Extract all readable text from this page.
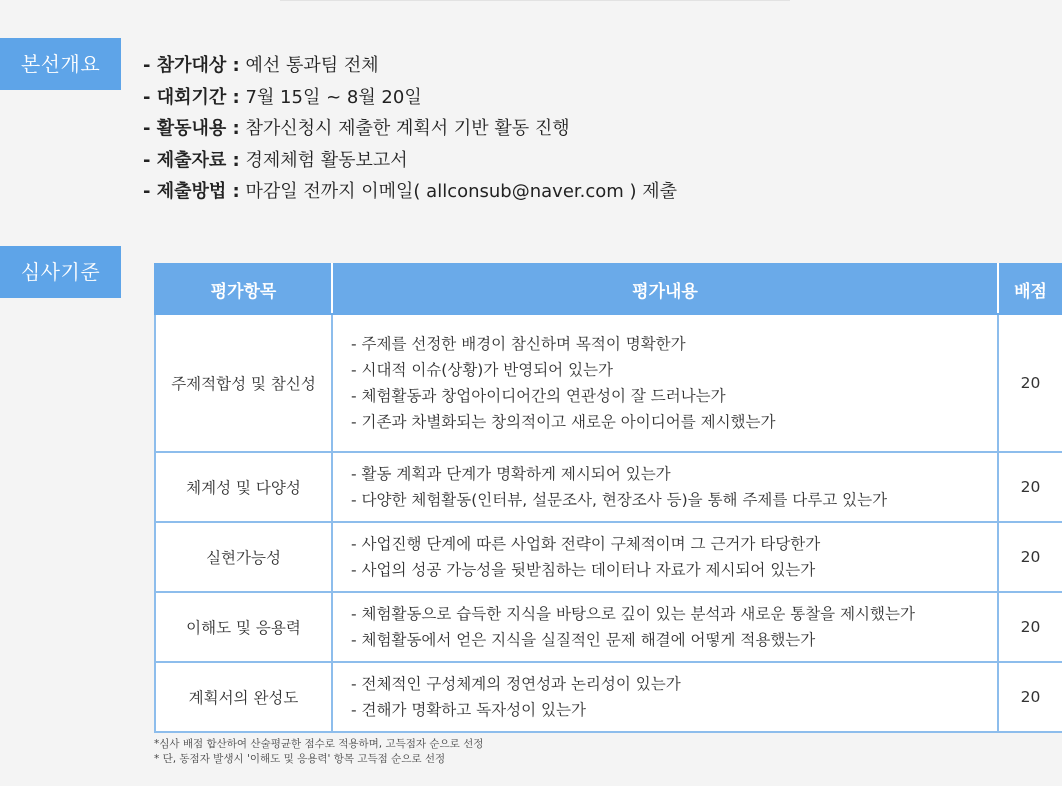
본선개요	- 참가대상 : 예선 통과팀 전체
- 대회기간 : 7월 15일 ~ 8월 20일
- 활동내용 : 참가신청시 제출한 계획서 기반 활동 진행
- 제출자료 : 경제체험 활동보고서
- 제출방법 : 마감일 전까지 이메일( allconsub@naver.com ) 제출
심사기준
평가항목	평가내용	배점
주제적합성 및 참신성	- 주제를 선정한 배경이 참신하며 목적이 명확한가
- 시대적 이슈(상황)가 반영되어 있는가
- 체험활동과 창업아이디어간의 연관성이 잘 드러나는가
- 기존과 차별화되는 창의적이고 새로운 아이디어를 제시했는가	20
체계성 및 다양성	- 활동 계획과 단계가 명확하게 제시되어 있는가
- 다양한 체험활동(인터뷰, 설문조사, 현장조사 등)을 통해 주제를 다루고 있는가	20
실현가능성	- 사업진행 단계에 따른 사업화 전략이 구체적이며 그 근거가 타당한가
- 사업의 성공 가능성을 뒷받침하는 데이터나 자료가 제시되어 있는가	20
이해도 및 응용력	- 체험활동으로 습득한 지식을 바탕으로 깊이 있는 분석과 새로운 통찰을 제시했는가
- 체험활동에서 얻은 지식을 실질적인 문제 해결에 어떻게 적용했는가	20
계획서의 완성도	- 전체적인 구성체계의 정연성과 논리성이 있는가
- 견해가 명확하고 독자성이 있는가	20
*심사 배점 합산하여 산술평균한 점수로 적용하며, 고득점자 순으로 선정
* 단, 동점자 발생시 '이해도 및 응용력' 항목 고득점 순으로 선정
